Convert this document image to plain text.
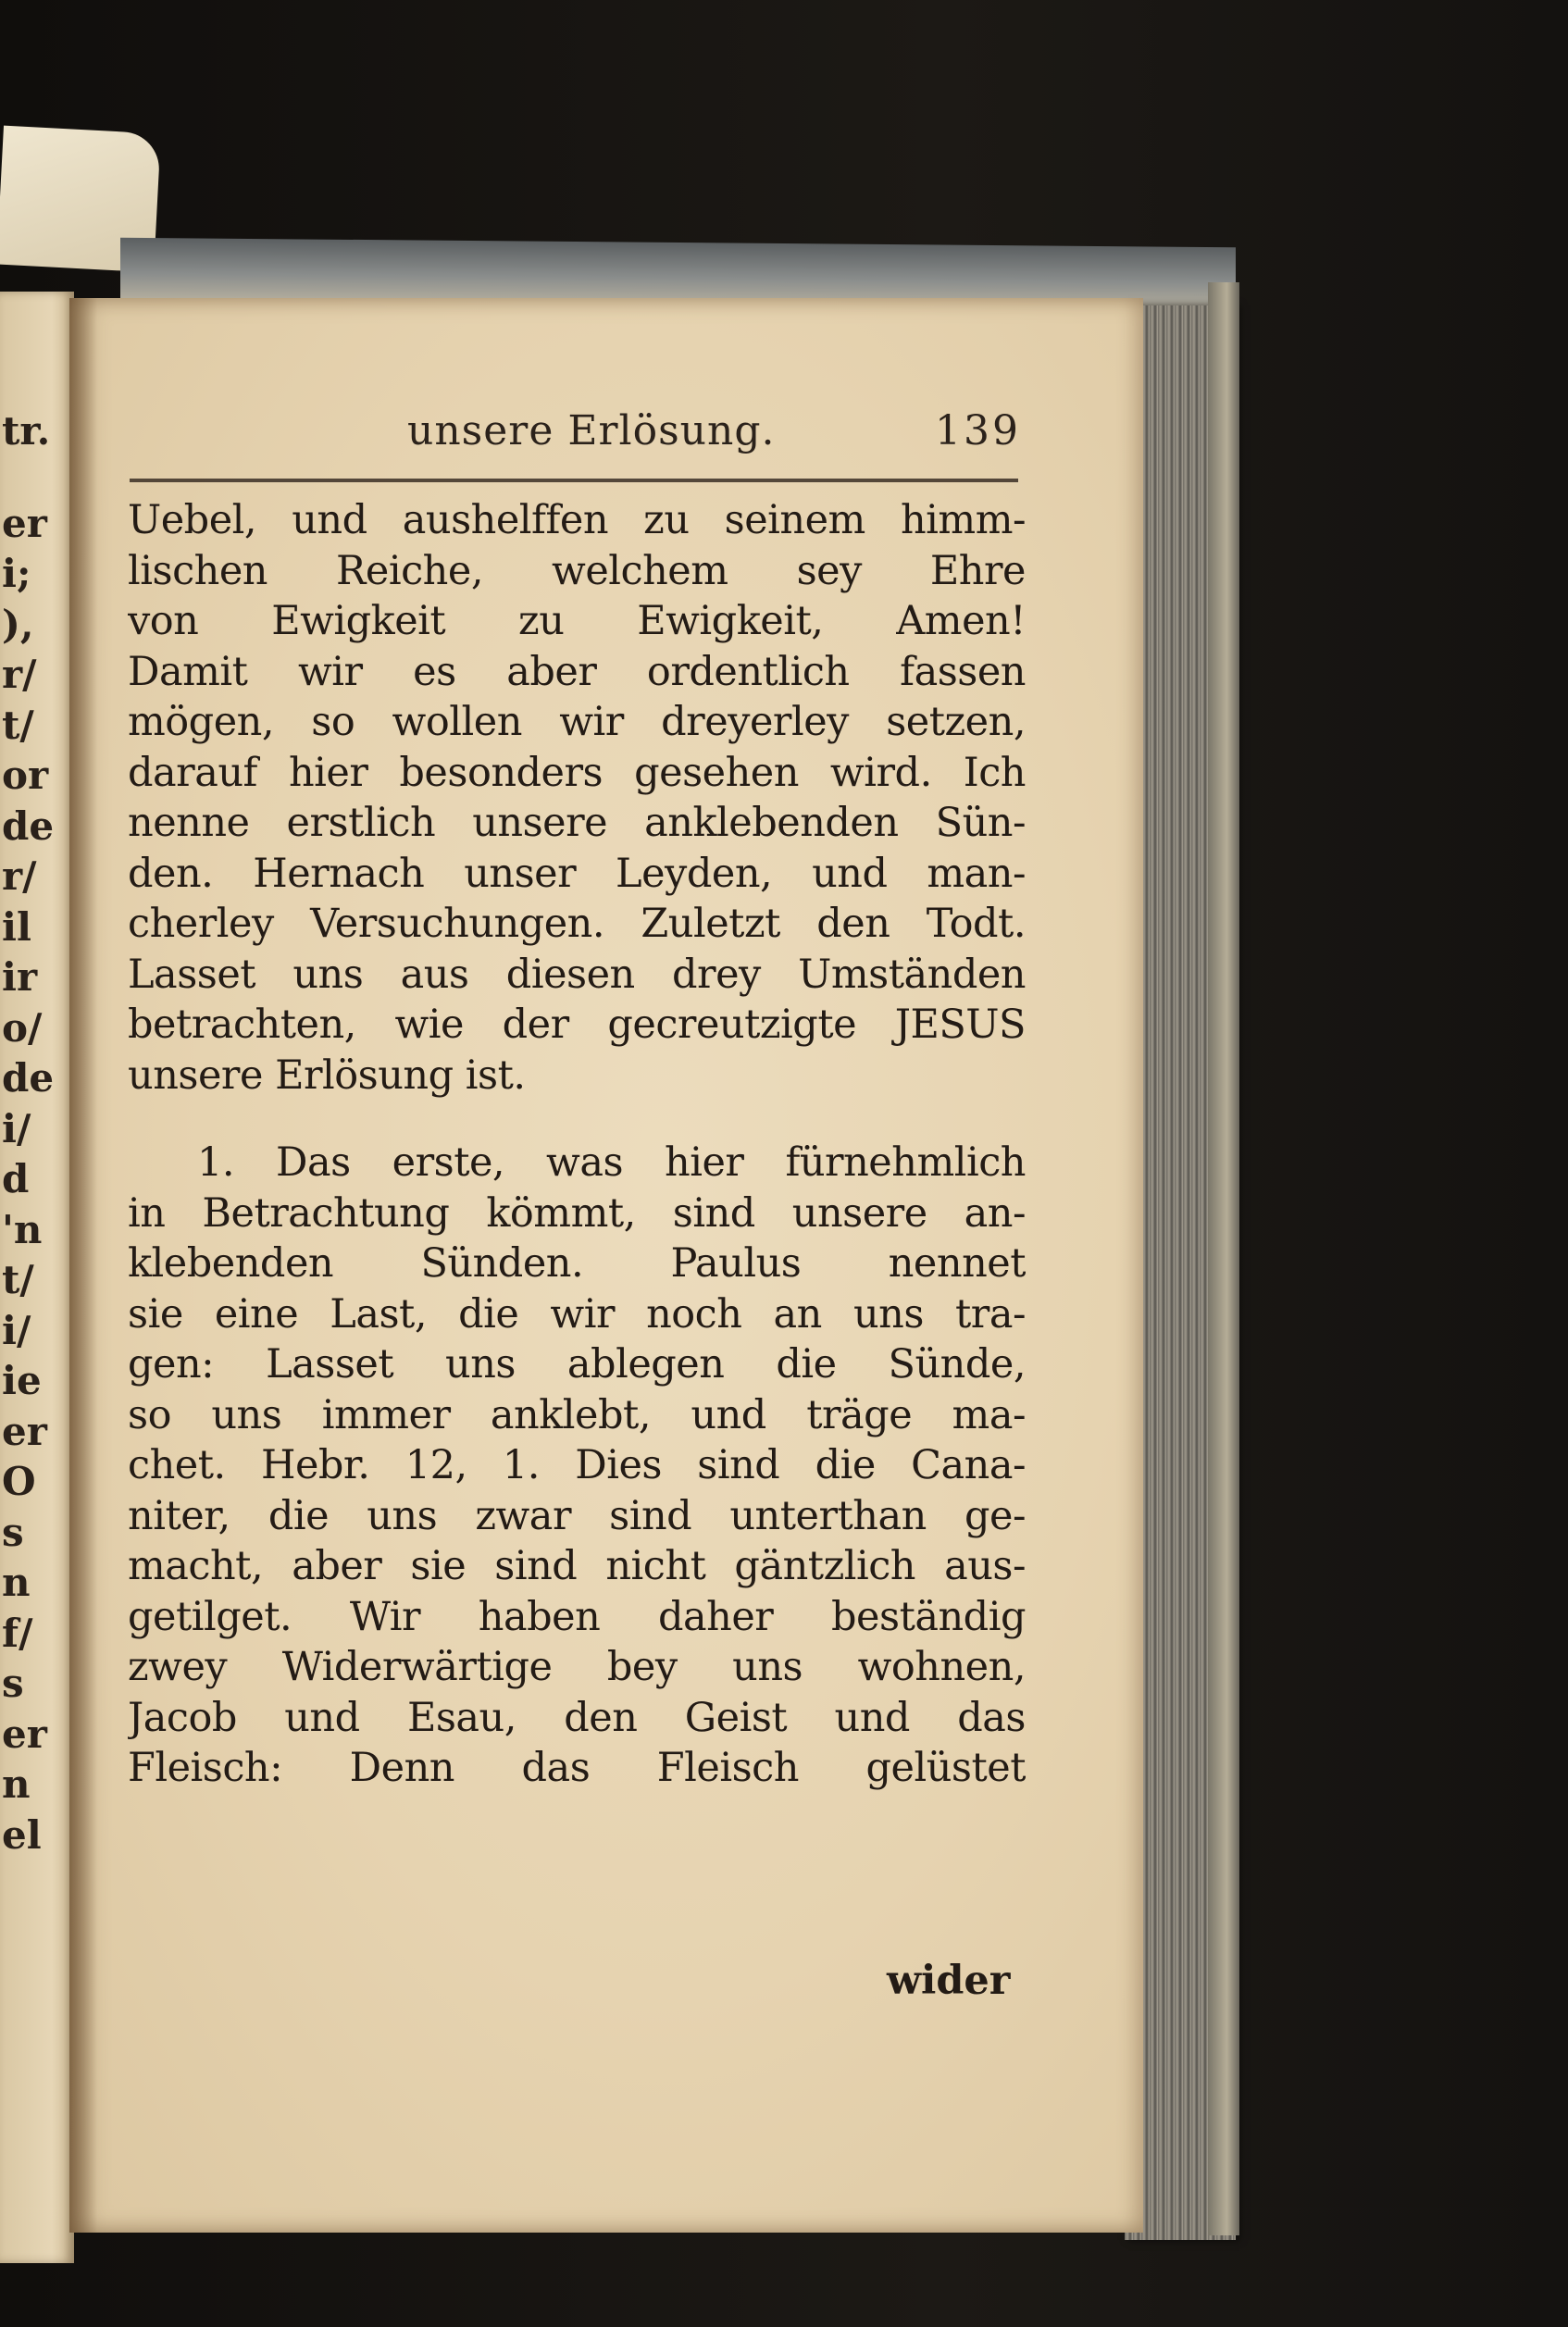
tr.
er
i;
),
r/
t/
or
de
r/
il
ir
o/
de
i/
d
'n
t/
i/
ie
er
O
s
n
f/
s
er
n
el
unsere Erlösung.	139
Uebel, und aushelffen zu seinem himm-
lischen Reiche, welchem sey Ehre
von Ewigkeit zu Ewigkeit, Amen!
Damit wir es aber ordentlich fassen
mögen, so wollen wir dreyerley setzen,
darauf hier besonders gesehen wird. Ich
nenne erstlich unsere anklebenden Sün-
den. Hernach unser Leyden, und man-
cherley Versuchungen. Zuletzt den Todt.
Lasset uns aus diesen drey Umständen
betrachten, wie der gecreutzigte JESUS
unsere Erlösung ist.
1. Das erste, was hier fürnehmlich
in Betrachtung kömmt, sind unsere an-
klebenden Sünden. Paulus nennet
sie eine Last, die wir noch an uns tra-
gen: Lasset uns ablegen die Sünde,
so uns immer anklebt, und träge ma-
chet. Hebr. 12, 1. Dies sind die Cana-
niter, die uns zwar sind unterthan ge-
macht, aber sie sind nicht gäntzlich aus-
getilget. Wir haben daher beständig
zwey Widerwärtige bey uns wohnen,
Jacob und Esau, den Geist und das
Fleisch: Denn das Fleisch gelüstet
wider
